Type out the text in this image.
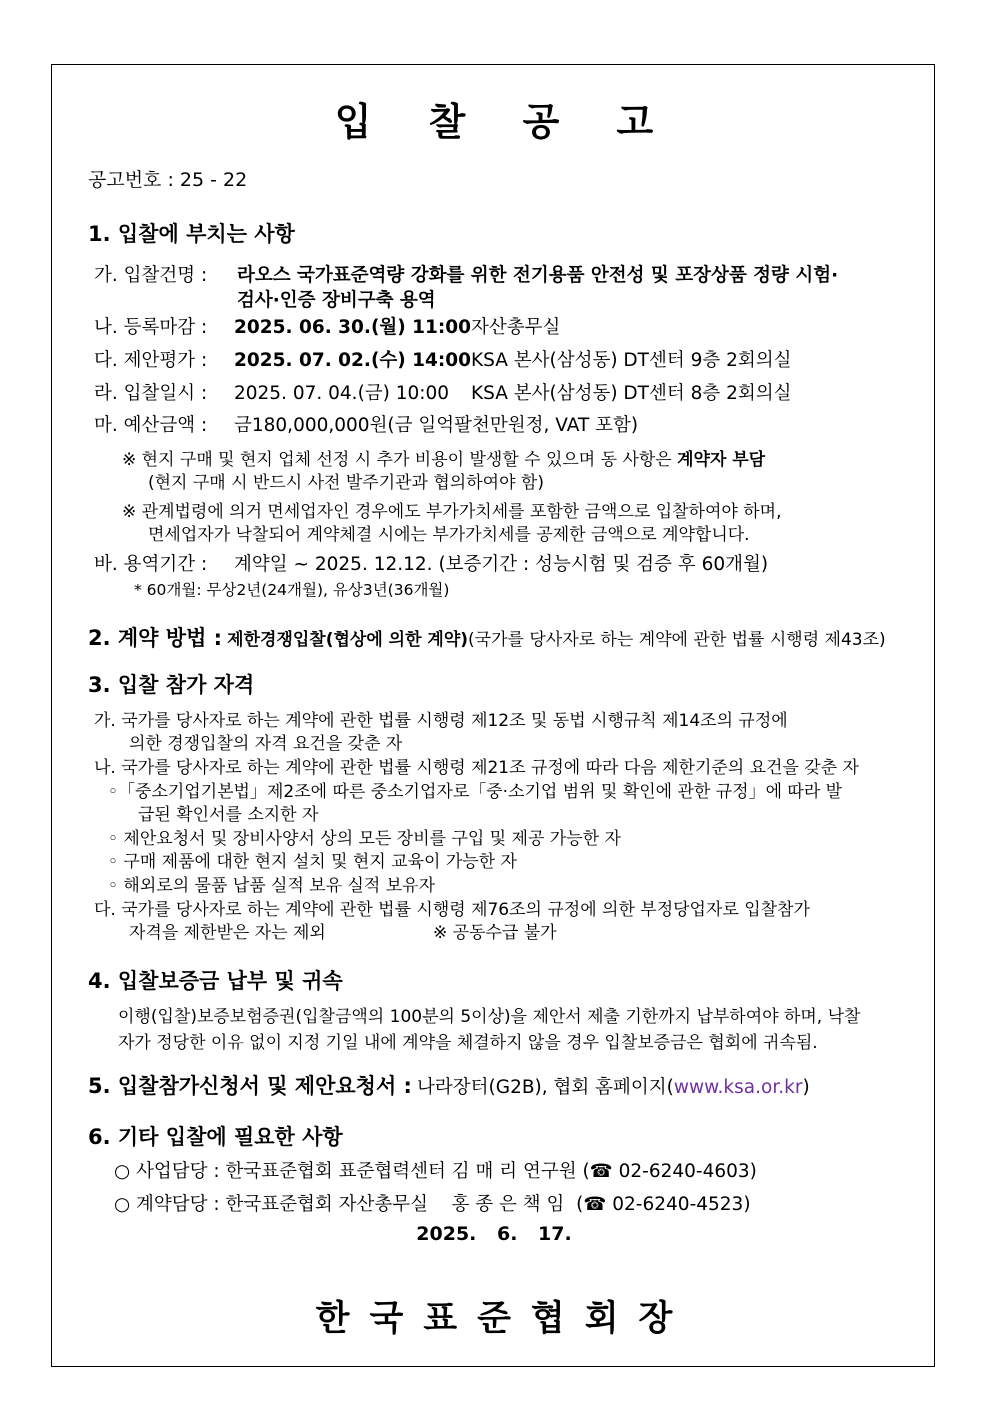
입 찰 공 고
공고번호 : 25 - 22
1. 입찰에 부치는 사항
가. 입찰건명 : 라오스 국가표준역량 강화를 위한 전기용품 안전성 및 포장상품 정량 시험·
검사·인증 장비구축 용역
나. 등록마감 : 2025. 06. 30.(월) 11:00 자산총무실
다. 제안평가 : 2025. 07. 02.(수) 14:00 KSA 본사(삼성동) DT센터 9층 2회의실
라. 입찰일시 : 2025. 07. 04.(금) 10:00 KSA 본사(삼성동) DT센터 8층 2회의실
마. 예산금액 : 금180,000,000원(금 일억팔천만원정, VAT 포함)
※ 현지 구매 및 현지 업체 선정 시 추가 비용이 발생할 수 있으며 동 사항은 계약자 부담
(현지 구매 시 반드시 사전 발주기관과 협의하여야 함)
※ 관계법령에 의거 면세업자인 경우에도 부가가치세를 포함한 금액으로 입찰하여야 하며,
면세업자가 낙찰되어 계약체결 시에는 부가가치세를 공제한 금액으로 계약합니다.
바. 용역기간 : 계약일 ~ 2025. 12.12. (보증기간 : 성능시험 및 검증 후 60개월)
* 60개월: 무상2년(24개월), 유상3년(36개월)
2. 계약 방법 : 제한경쟁입찰(협상에 의한 계약)(국가를 당사자로 하는 계약에 관한 법률 시행령 제43조)
3. 입찰 참가 자격
가. 국가를 당사자로 하는 계약에 관한 법률 시행령 제12조 및 동법 시행규칙 제14조의 규정에
의한 경쟁입찰의 자격 요건을 갖춘 자
나. 국가를 당사자로 하는 계약에 관한 법률 시행령 제21조 규정에 따라 다음 제한기준의 요건을 갖춘 자
◦「중소기업기본법」제2조에 따른 중소기업자로「중·소기업 범위 및 확인에 관한 규정」에 따라 발
급된 확인서를 소지한 자
◦ 제안요청서 및 장비사양서 상의 모든 장비를 구입 및 제공 가능한 자
◦ 구매 제품에 대한 현지 설치 및 현지 교육이 가능한 자
◦ 해외로의 물품 납품 실적 보유 실적 보유자
다. 국가를 당사자로 하는 계약에 관한 법률 시행령 제76조의 규정에 의한 부정당업자로 입찰참가
자격을 제한받은 자는 제외	※ 공동수급 불가
4. 입찰보증금 납부 및 귀속
이행(입찰)보증보험증권(입찰금액의 100분의 5이상)을 제안서 제출 기한까지 납부하여야 하며, 낙찰
자가 정당한 이유 없이 지정 기일 내에 계약을 체결하지 않을 경우 입찰보증금은 협회에 귀속됨.
5. 입찰참가신청서 및 제안요청서 : 나라장터(G2B), 협회 홈페이지(www.ksa.or.kr)
6. 기타 입찰에 필요한 사항
○ 사업담당 : 한국표준협회 표준협력센터 김 매 리 연구원 (☎ 02-6240-4603)
○ 계약담당 : 한국표준협회 자산총무실    홍 종 은 책 임  (☎ 02-6240-4523)
2025. 6. 17.
한국표준협회장
